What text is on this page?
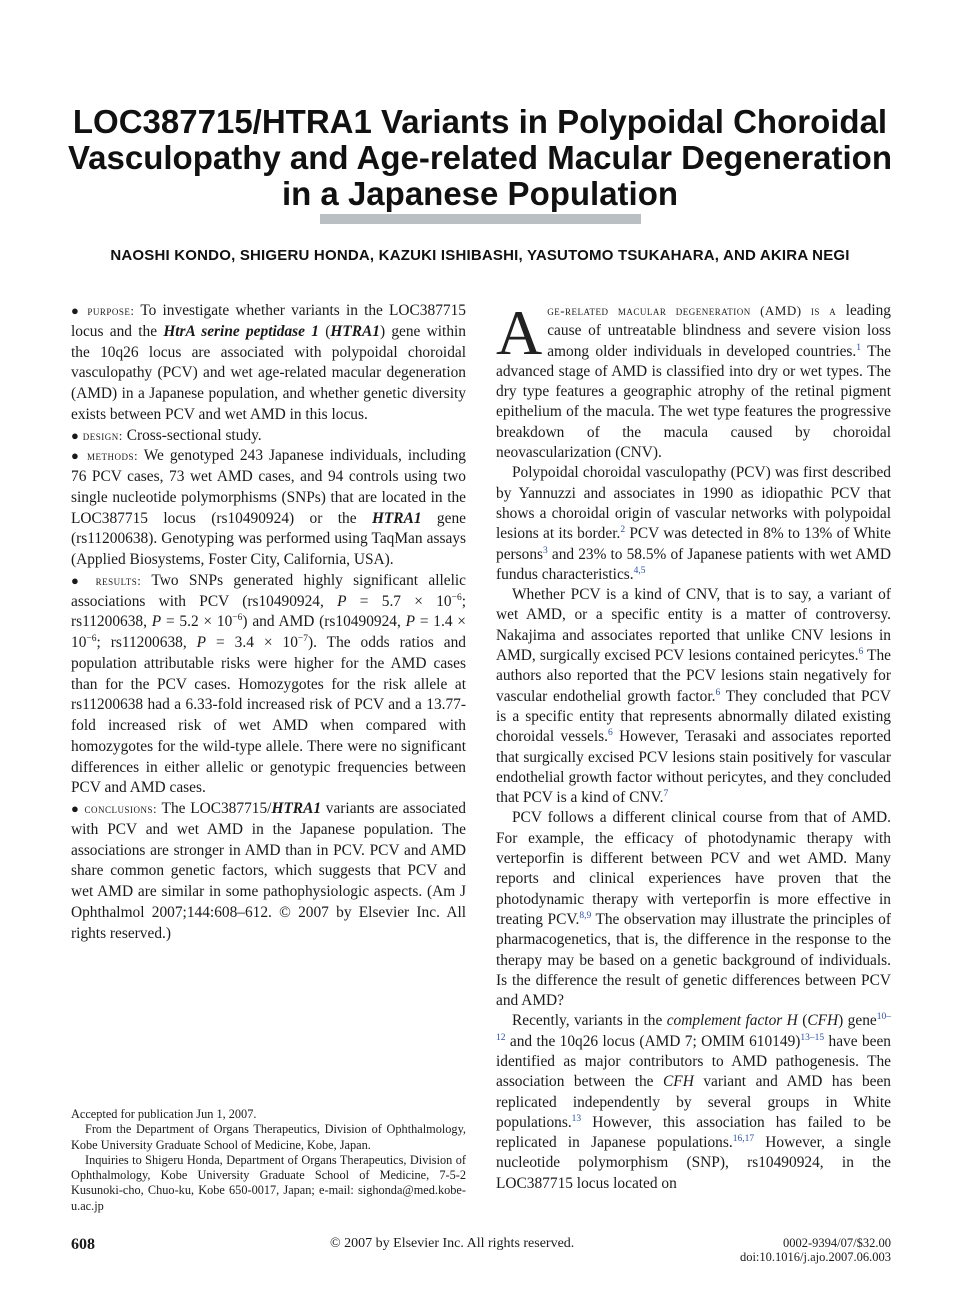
LOC387715/HTRA1 Variants in Polypoidal Choroidal Vasculopathy and Age-related Macular Degeneration in a Japanese Population
NAOSHI KONDO, SHIGERU HONDA, KAZUKI ISHIBASHI, YASUTOMO TSUKAHARA, AND AKIRA NEGI

● purpose: To investigate whether variants in the LOC387715 locus and the HtrA serine peptidase 1 (HTRA1) gene within the 10q26 locus are associated with polypoidal choroidal vasculopathy (PCV) and wet age-related macular degeneration (AMD) in a Japanese population, and whether genetic diversity exists between PCV and wet AMD in this locus.

● design: Cross-sectional study.

● methods: We genotyped 243 Japanese individuals, including 76 PCV cases, 73 wet AMD cases, and 94 controls using two single nucleotide polymorphisms (SNPs) that are located in the LOC387715 locus (rs10490924) or the HTRA1 gene (rs11200638). Genotyping was performed using TaqMan assays (Applied Biosystems, Foster City, California, USA).

● results: Two SNPs generated highly significant allelic associations with PCV (rs10490924, $P = 5.7 \times 10^{-6}$; rs11200638, $P = 5.2 \times 10^{-6}$) and AMD (rs10490924, $P = 1.4 \times 10^{-6}$; rs11200638, $P = 3.4 \times 10^{-7}$). The odds ratios and population attributable risks were higher for the AMD cases than for the PCV cases. Homozygotes for the risk allele at rs11200638 had a 6.33-fold increased risk of PCV and a 13.77-fold increased risk of wet AMD when compared with homozygotes for the wild-type allele. There were no significant differences in either allelic or genotypic frequencies between PCV and AMD cases.

● conclusions: The LOC387715/HTRA1 variants are associated with PCV and wet AMD in the Japanese population. The associations are stronger in AMD than in PCV. PCV and AMD share common genetic factors, which suggests that PCV and wet AMD are similar in some pathophysiologic aspects. (Am J Ophthalmol 2007;144:608–612. © 2007 by Elsevier Inc. All rights reserved.)

Age-related macular degeneration (AMD) is a leading cause of untreatable blindness and severe vision loss among older individuals in developed countries.$^1$ The advanced stage of AMD is classified into dry or wet types. The dry type features a geographic atrophy of the retinal pigment epithelium of the macula. The wet type features the progressive breakdown of the macula caused by choroidal neovascularization (CNV).

Polypoidal choroidal vasculopathy (PCV) was first described by Yannuzzi and associates in 1990 as idiopathic PCV that shows a choroidal origin of vascular networks with polypoidal lesions at its border.$^2$ PCV was detected in 8% to 13% of White persons$^3$ and 23% to 58.5% of Japanese patients with wet AMD fundus characteristics.$^{4,5}$

Whether PCV is a kind of CNV, that is to say, a variant of wet AMD, or a specific entity is a matter of controversy. Nakajima and associates reported that unlike CNV lesions in AMD, surgically excised PCV lesions contained pericytes.$^6$ The authors also reported that the PCV lesions stain negatively for vascular endothelial growth factor.$^6$ They concluded that PCV is a specific entity that represents abnormally dilated existing choroidal vessels.$^6$ However, Terasaki and associates reported that surgically excised PCV lesions stain positively for vascular endothelial growth factor without pericytes, and they concluded that PCV is a kind of CNV.$^7$

PCV follows a different clinical course from that of AMD. For example, the efficacy of photodynamic therapy with verteporfin is different between PCV and wet AMD. Many reports and clinical experiences have proven that the photodynamic therapy with verteporfin is more effective in treating PCV.$^{8,9}$ The observation may illustrate the principles of pharmacogenetics, that is, the difference in the response to the therapy may be based on a genetic background of individuals. Is the difference the result of genetic differences between PCV and AMD?

Recently, variants in the complement factor H (CFH) gene$^{10-12}$ and the 10q26 locus (AMD 7; OMIM 610149)$^{13-15}$ have been identified as major contributors to AMD pathogenesis. The association between the CFH variant and AMD has been replicated independently by several groups in White populations.$^{13}$ However, this association has failed to be replicated in Japanese populations.$^{16,17}$ However, a single nucleotide polymorphism (SNP), rs10490924, in the LOC387715 locus located on

Accepted for publication Jun 1, 2007.

From the Department of Organs Therapeutics, Division of Ophthalmology, Kobe University Graduate School of Medicine, Kobe, Japan.

Inquiries to Shigeru Honda, Department of Organs Therapeutics, Division of Ophthalmology, Kobe University Graduate School of Medicine, 7-5-2 Kusunoki-cho, Chuo-ku, Kobe 650-0017, Japan; e-mail: sighonda@med.kobe-u.ac.jp

608	© 2007 by Elsevier Inc. All rights reserved.	0002-9394/07/$32.00
doi:10.1016/j.ajo.2007.06.003
